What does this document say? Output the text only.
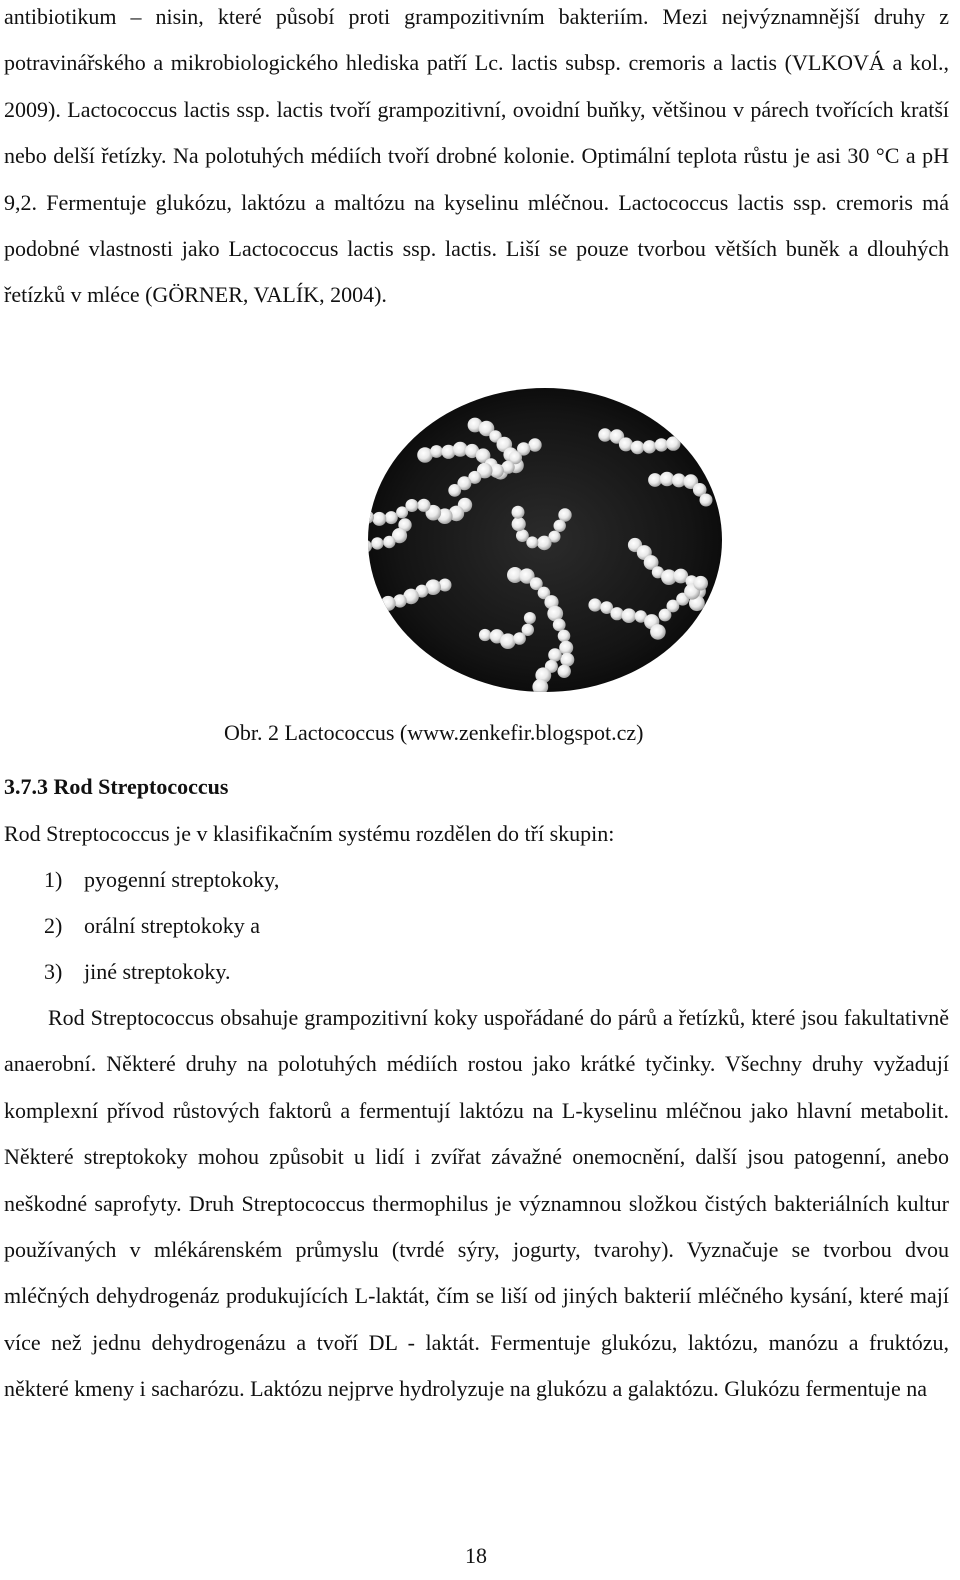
antibiotikum – nisin, které působí proti grampozitivním bakteriím. Mezi nejvýznamnější druhy z potravinářského a mikrobiologického hlediska patří Lc. lactis subsp. cremoris a lactis (VLKOVÁ a kol., 2009). Lactococcus lactis ssp. lactis tvoří grampozitivní, ovoidní buňky, většinou v párech tvořících kratší nebo delší řetízky. Na polotuhých médiích tvoří drobné kolonie. Optimální teplota růstu je asi 30 °C a pH 9,2. Fermentuje glukózu, laktózu a maltózu na kyselinu mléčnou. Lactococcus lactis ssp. cremoris má podobné vlastnosti jako Lactococcus lactis ssp. lactis. Liší se pouze tvorbou větších buněk a dlouhých řetízků v mléce (GÖRNER, VALÍK, 2004).

Obr. 2 Lactococcus (www.zenkefir.blogspot.cz)
3.7.3 Rod Streptococcus
Rod Streptococcus je v klasifikačním systému rozdělen do tří skupin:
1) pyogenní streptokoky,
2) orální streptokoky a
3) jiné streptokoky.

Rod Streptococcus obsahuje grampozitivní koky uspořádané do párů a řetízků, které jsou fakultativně anaerobní. Některé druhy na polotuhých médiích rostou jako krátké tyčinky. Všechny druhy vyžadují komplexní přívod růstových faktorů a fermentují laktózu na L-kyselinu mléčnou jako hlavní metabolit. Některé streptokoky mohou způsobit u lidí i zvířat závažné onemocnění, další jsou patogenní, anebo neškodné saprofyty. Druh Streptococcus thermophilus je významnou složkou čistých bakteriálních kultur používaných v mlékárenském průmyslu (tvrdé sýry, jogurty, tvarohy). Vyznačuje se tvorbou dvou mléčných dehydrogenáz produkujících L-laktát, čím se liší od jiných bakterií mléčného kysání, které mají více než jednu dehydrogenázu a tvoří DL - laktát. Fermentuje glukózu, laktózu, manózu a fruktózu, některé kmeny i sacharózu. Laktózu nejprve hydrolyzuje na glukózu a galaktózu. Glukózu fermentuje na

18
